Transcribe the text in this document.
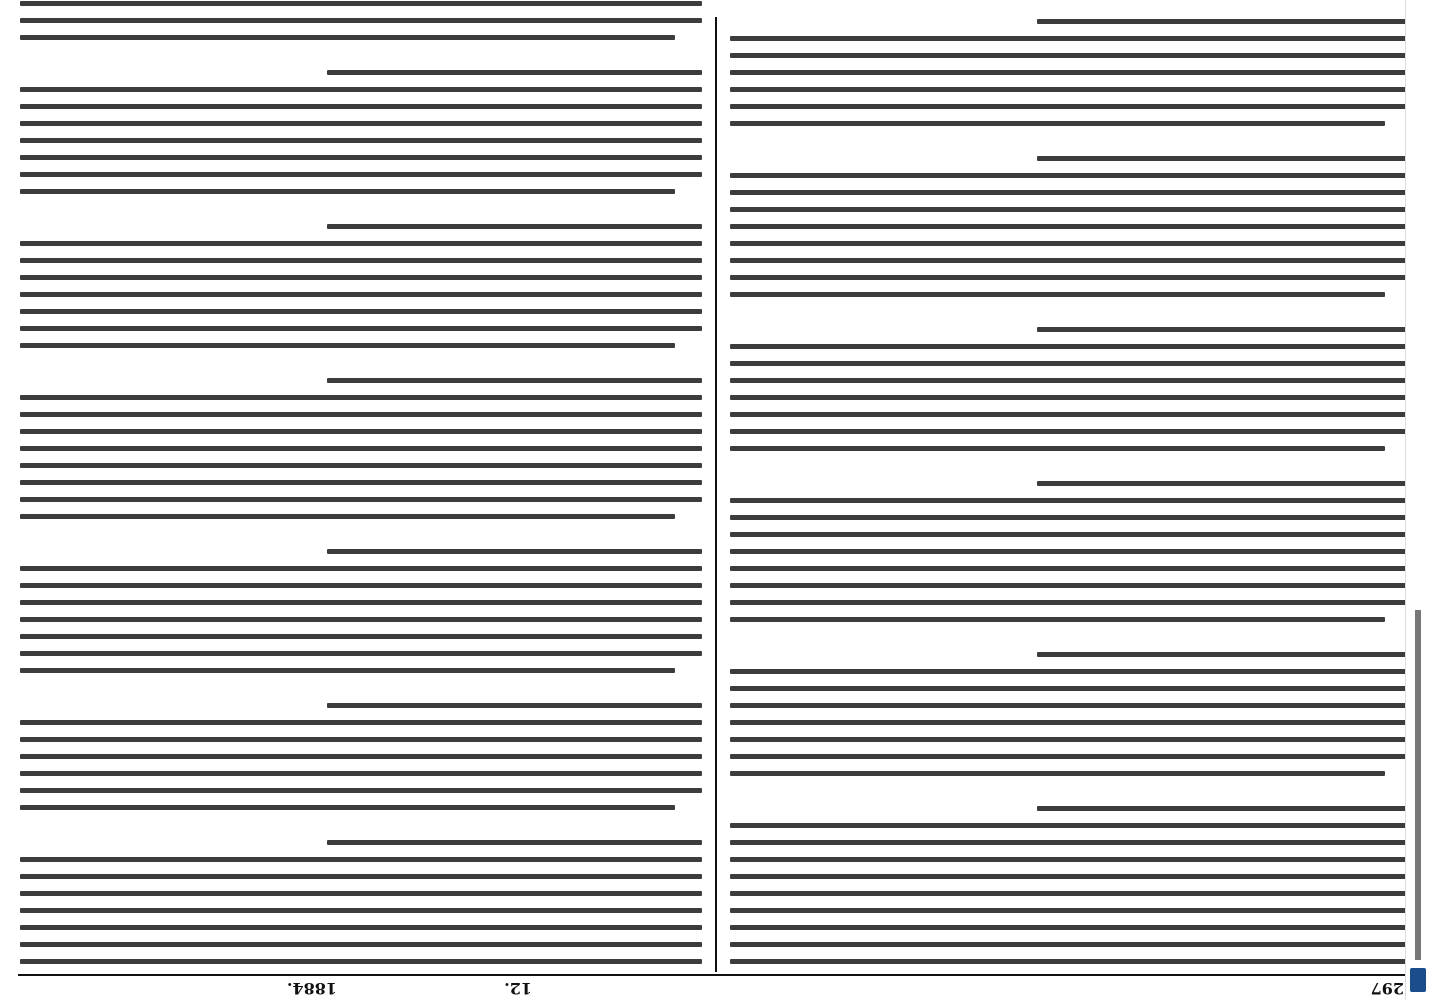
297
12.
1884.
